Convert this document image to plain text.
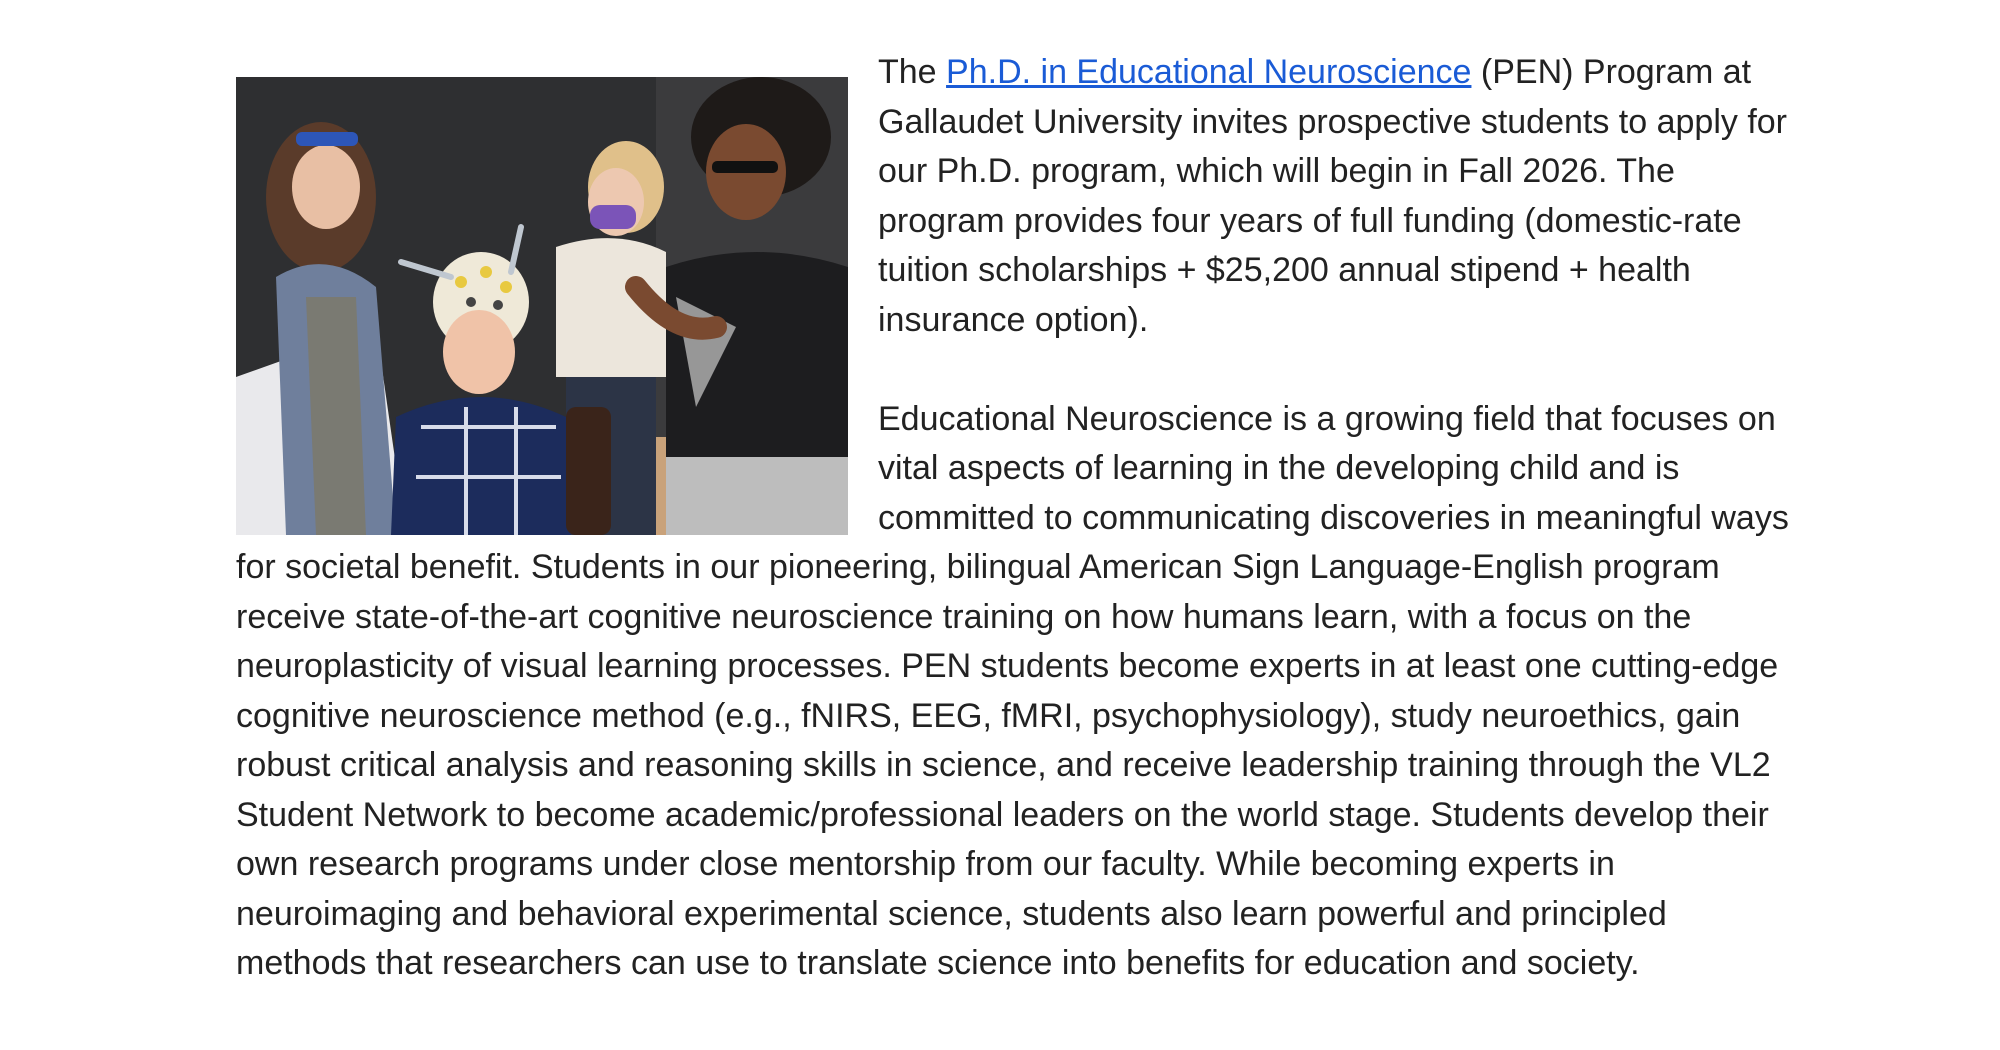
The Ph.D. in Educational Neuroscience (PEN) Program at Gallaudet University invites prospective students to apply for our Ph.D. program, which will begin in Fall 2026. The program provides four years of full funding (domestic-rate tuition scholarships + $25,200 annual stipend + health insurance option).

Educational Neuroscience is a growing field that focuses on vital aspects of learning in the developing child and is committed to communicating discoveries in meaningful ways for societal benefit. Students in our pioneering, bilingual American Sign Language-English program receive state-of-the-art cognitive neuroscience training on how humans learn, with a focus on the neuroplasticity of visual learning processes. PEN students become experts in at least one cutting-edge cognitive neuroscience method (e.g., fNIRS, EEG, fMRI, psychophysiology), study neuroethics, gain robust critical analysis and reasoning skills in science, and receive leadership training through the VL2 Student Network to become academic/professional leaders on the world stage. Students develop their own research programs under close mentorship from our faculty. While becoming experts in neuroimaging and behavioral experimental science, students also learn powerful and principled methods that researchers can use to translate science into benefits for education and society.
